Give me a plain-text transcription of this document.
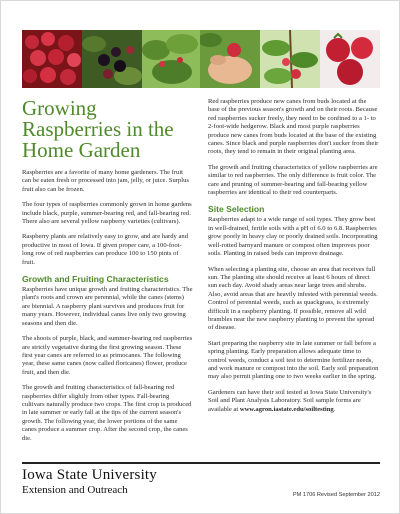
Growing Raspberries in the Home Garden

Raspberries are a favorite of many home gardeners. The fruit can be eaten fresh or processed into jam, jelly, or juice. Surplus fruit also can be frozen.

The four types of raspberries commonly grown in home gardens include black, purple, summer-bearing red, and fall-bearing red. There also are several yellow raspberry varieties (cultivars).

Raspberry plants are relatively easy to grow, and are hardy and productive in most of Iowa. If given proper care, a 100-foot-long row of red raspberries can produce 100 to 150 pints of fruit.

Growth and Fruiting Characteristics

Raspberries have unique growth and fruiting characteristics. The plant's roots and crown are perennial, while the canes (stems) are biennial. A raspberry plant survives and produces fruit for many years. However, individual canes live only two growing seasons and then die.

The shoots of purple, black, and summer-bearing red raspberries are strictly vegetative during the first growing season. These first year canes are referred to as primocanes. The following year, these same canes (now called floricanes) flower, produce fruit, and then die.

The growth and fruiting characteristics of fall-bearing red raspberries differ slightly from other types. Fall-bearing cultivars naturally produce two crops. The first crop is produced in late summer or early fall at the tips of the current season's growth. The following year, the lower portions of the same canes produce a summer crop. After the second crop, the canes die.

Red raspberries produce new canes from buds located at the base of the previous season's growth and on their roots. Because red raspberries sucker freely, they need to be confined to a 1- to 2-foot-wide hedgerow. Black and most purple raspberries produce new canes from buds located at the base of the existing canes. Since black and purple raspberries don't sucker from their roots, they tend to remain in their original planting area.

The growth and fruiting characteristics of yellow raspberries are similar to red raspberries. The only difference is fruit color. The care and pruning of summer-bearing and fall-bearing yellow raspberries are identical to their red counterparts.

Site Selection

Raspberries adapt to a wide range of soil types. They grow best in well-drained, fertile soils with a pH of 6.0 to 6.8. Raspberries grow poorly in heavy clay or poorly drained soils. Incorporating well-rotted barnyard manure or compost often improves poor soils. Planting in raised beds can improve drainage.

When selecting a planting site, choose an area that receives full sun. The planting site should receive at least 6 hours of direct sun each day. Avoid shady areas near large trees and shrubs. Also, avoid areas that are heavily infested with perennial weeds. Control of perennial weeds, such as quackgrass, is extremely difficult in a raspberry planting. If possible, remove all wild brambles near the new raspberry planting to prevent the spread of disease.

Start preparing the raspberry site in late summer or fall before a spring planting. Early preparation allows adequate time to control weeds, conduct a soil test to determine fertilizer needs, and work manure or compost into the soil. Early soil preparation may also permit planting one to two weeks earlier in the spring.

Gardeners can have their soil tested at Iowa State University's Soil and Plant Analysis Laboratory. Soil sample forms are available at www.agron.iastate.edu/soiltesting.

Iowa State University
Extension and Outreach	PM 1706 Revised September 2012
